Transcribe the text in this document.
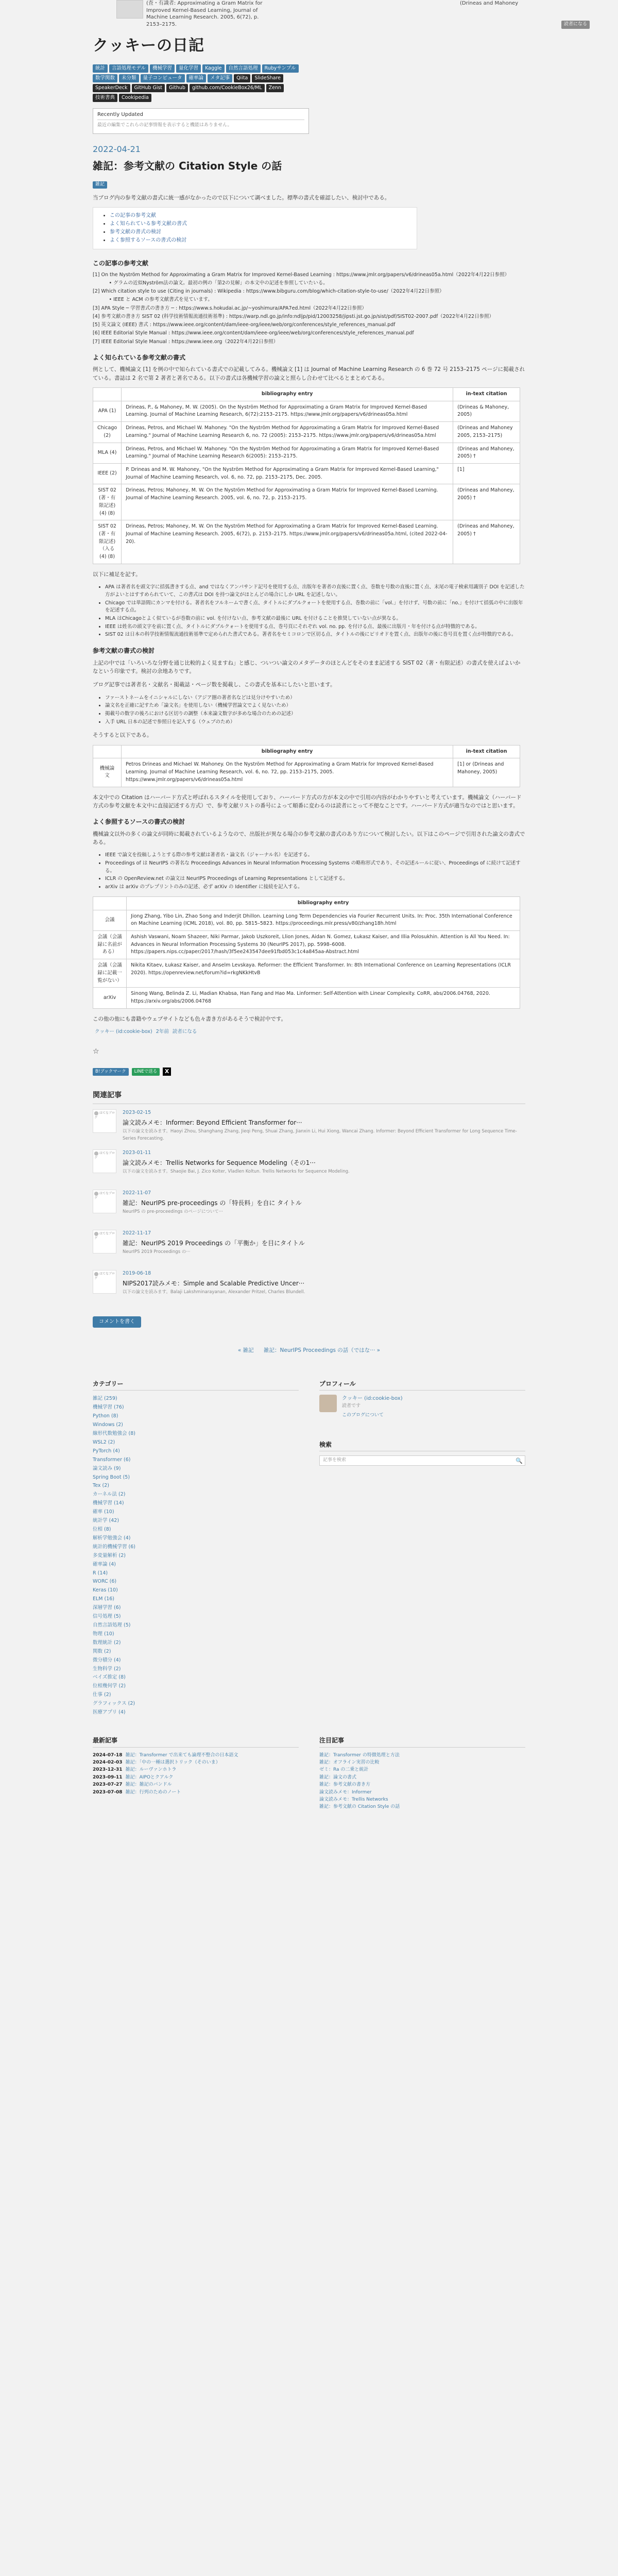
(査・有識者: Approximating a Gram Matrix for Improved Kernel-Based Learning, Journal of Machine Learning Research. 2005, 6(72), p. 2153–2175.
(Drineas and Mahoney
読者になる
クッキーの日記
統計	言語処理モデル	機械学習	量化学習	Kaggle	自然言語処理	Rubyサンプル
数学関数	未分類	量子コンピュータ	確率論	メタ記事	Qiita	SlideShare
SpeakerDeck	GitHub Gist	Github	github.com/CookieBox26/ML	Zenn
技術書典	Cookipedia
Recently Updated
最近の編集でこれらの記事情報を表示すると機能はありません。
2022-04-21
雑記：参考文献の Citation Style の話
雑記
当ブログ内の参考文献の書式に統一感がなかったので以下について調べました。標準の書式を確認したい、検討中である。
• この記事の参考文献
• よく知られている参考文献の書式
• 参考文献の書式の検討
• よく参照するソースの書式の検討
この記事の参考文献
[1] On the Nyström Method for Approximating a Gram Matrix for Improved Kernel-Based Learning : https://www.jmlr.org/papers/v6/drineas05a.html（2022年4月22日参照）
　• グラムの近似Nyström法の論文。最初の例の「第2の見解」の本文中の記述を参照していたいる。
[2] Which citation style to use (Citing in journals) : Wikipedia : https://www.bibguru.com/blog/which-citation-style-to-use/（2022年4月22日参照）
　• IEEE と ACM の参考文献書式を見ています。
[3] APA Style ─ 学習書式の書き方 ─ : https://www.s.hokudai.ac.jp/~yoshimura/APA7ed.html（2022年4月22日参照）
[4] 参考文献の書き方 SIST 02 (科学技術情報流通技術基準) : https://warp.ndl.go.jp/info:ndljp/pid/12003258/jipsti.jst.go.jp/sist/pdf/SIST02-2007.pdf（2022年4月22日参照）
[5] 英文論文 (IEEE) 書式 : https://www.ieee.org/content/dam/ieee-org/ieee/web/org/conferences/style_references_manual.pdf
[6] IEEE Editorial Style Manual : https://www.ieee.org/content/dam/ieee-org/ieee/web/org/conferences/style_references_manual.pdf
[7] IEEE Editorial Style Manual : https://www.ieee.org（2022年4月22日参照）
よく知られている参考文献の書式
例として、機械論文 [1] を例の中で知られている書式での記載してみる。機械論文 [1] は Journal of Machine Learning Research の 6 巻 72 号 2153–2175 ページに掲載されている。書誌は 2 名で第 2 著者と著名である。以下の書式は各機械学習の論文と照らし合わせて比べるとまとめてある。
	bibliography entry	in-text citation
APA (1)	Drineas, P., & Mahoney, M. W. (2005). On the Nyström Method for Approximating a Gram Matrix for Improved Kernel-Based Learning. Journal of Machine Learning Research, 6(72):2153–2175. https://www.jmlr.org/papers/v6/drineas05a.html	(Drineas & Mahoney, 2005)
Chicago (2)	Drineas, Petros, and Michael W. Mahoney. "On the Nyström Method for Approximating a Gram Matrix for Improved Kernel-Based Learning." Journal of Machine Learning Research 6, no. 72 (2005): 2153–2175. https://www.jmlr.org/papers/v6/drineas05a.html	(Drineas and Mahoney 2005, 2153–2175)
MLA (4)	Drineas, Petros, and Michael W. Mahoney. "On the Nyström Method for Approximating a Gram Matrix for Improved Kernel-Based Learning." Journal of Machine Learning Research 6(2005): 2153–2175.	(Drineas and Mahoney, 2005) †
IEEE (2)	P. Drineas and M. W. Mahoney, "On the Nyström Method for Approximating a Gram Matrix for Improved Kernel-Based Learning," Journal of Machine Learning Research, vol. 6, no. 72, pp. 2153–2175, Dec. 2005.	[1]
SIST 02 (著・有限記述) (4) (8)	Drineas, Petros; Mahoney, M. W. On the Nyström Method for Approximating a Gram Matrix for Improved Kernel-Based Learning. Journal of Machine Learning Research. 2005, vol. 6, no. 72, p. 2153–2175.	(Drineas and Mahoney, 2005) †
SIST 02 (著・有限記述)（入る (4) (8)	Drineas, Petros; Mahoney, M. W. On the Nyström Method for Approximating a Gram Matrix for Improved Kernel-Based Learning. Journal of Machine Learning Research. 2005, 6(72), p. 2153–2175. https://www.jmlr.org/papers/v6/drineas05a.html, (cited 2022-04-20).	(Drineas and Mahoney, 2005) †
以下に補足を記す。
• APA は著者名を頭文字に括弧書きする点、and ではなくアンパサンド記号を使用する点、出版年を著者の直後に置く点、巻数を号数の直後に置く点、末尾の電子検索用識別子 DOI を記述した方がよいとはすすめられていて、この書式は DOI を持つ論文がほとんどの場合にしか URL を記述しない。
• Chicago では単語間にカンマを付ける。著者名をフルネームで書く点、タイトルにダブルクォートを使用する点、巻数の前に「vol.」を付けず、号数の前に「no.」を付けて括弧の中に出版年を記述する点。
• MLA はChicagoとよく似ているが巻数の前に vol. を付けない点、参考文献の最後に URL を付けることを推奨していない点が異なる。
• IEEE は姓名の頭文字を前に置く点、タイトルにダブルクォートを使用する点、巻号頁にそれぞれ vol. no. pp. を付ける点、最後に出版月・年を付ける点が特徴的である。
• SIST 02 は日本の科学技術情報流通技術基準で定められた書式である。著者名をセミコロンで区切る点、タイトルの後にピリオドを置く点、出版年の後に巻号頁を置く点が特徴的である。
参考文献の書式の検討
上記の中では「いろいろな分野を通じ比較的よく見ますね」と感じ、ついつい論文のメタデータのほとんどをそのまま記述する SIST 02（著・有限記述）の書式を使えばよいかなという印象です。検討の余地ありです。
ブログ記事では著者名・文献名・掲載誌・ページ数を掲載し、この書式を基本にしたいと思います。
• ファーストネームをイニシャルにしない（アジア圏の著者名などは見分けやすいため）
• 論文名を正確に記すため「論文名」を使用しない（機械学習論文でよく見ないため）
• 掲載号の数字の後ろにおける区切りの調整（本来論文数字が多めな場合のための記述）
• 入手 URL 日本の記述で参照日を記入する（ウェブのため）
そうすると以下である。
	bibliography entry	in-text citation
機械論文	Petros Drineas and Michael W. Mahoney. On the Nyström Method for Approximating a Gram Matrix for Improved Kernel-Based Learning. Journal of Machine Learning Research, vol. 6, no. 72, pp. 2153–2175, 2005. https://www.jmlr.org/papers/v6/drineas05a.html	[1] or (Drineas and Mahoney, 2005)
本文中での Citation はハーバード方式と呼ばれるスタイルを使用しており、ハーバード方式の方が本文の中で引用の内容がわかりやすいと考えています。機械論文（ハーバード方式の参考文献を本文中に直接記述する方式）で、参考文献リストの番号によって順番に変わるのは読者にとって不便なことです。ハーバード方式が適当なのではと思います。
よく参照するソースの書式の検討
機械論文以外の多くの論文が同時に掲載されているようなので、出版社が異なる場合の参考文献の書式のあり方について検討したい。以下はこのページで引用された論文の書式である。
• IEEE で論文を投稿しようとする際の参考文献は著者名・論文名（ジャーナル名）を記述する。
• Proceedings of は NeurIPS の著名な Proceedings Advances in Neural Information Processing Systems の略称形式であり、その記述ルールに従い、Proceedings of に続けて記述する。
• ICLR の OpenReview.net の論文は NeurIPS Proceedings of Learning Representations として記述する。
• arXiv は arXiv のプレプリントのみの記述、必ず arXiv の Identifier に接続を記入する。
	bibliography entry
会議	Jiong Zhang, Yibo Lin, Zhao Song and Inderjit Dhillon. Learning Long Term Dependencies via Fourier Recurrent Units. In: Proc. 35th International Conference on Machine Learning (ICML 2018), vol. 80, pp. 5815–5823. https://proceedings.mlr.press/v80/zhang18h.html
会議（会議録に名前がある）	Ashish Vaswani, Noam Shazeer, Niki Parmar, Jakob Uszkoreit, Llion Jones, Aidan N. Gomez, Łukasz Kaiser, and Illia Polosukhin. Attention is All You Need. In: Advances in Neural Information Processing Systems 30 (NeurIPS 2017), pp. 5998–6008. https://papers.nips.cc/paper/2017/hash/3f5ee243547dee91fbd053c1c4a845aa-Abstract.html
会議（会議録に記載一覧がない）	Nikita Kitaev, Łukasz Kaiser, and Anselm Levskaya. Reformer: the Efficient Transformer. In: 8th International Conference on Learning Representations (ICLR 2020). https://openreview.net/forum?id=rkgNKkHtvB
arXiv	Sinong Wang, Belinda Z. Li, Madian Khabsa, Han Fang and Hao Ma. Linformer: Self-Attention with Linear Complexity. CoRR, abs/2006.04768, 2020. https://arxiv.org/abs/2006.04768
この他の他にも書籍やウェブサイトなども色々書き方があるそうで検討中です。
クッキー (id:cookie-box) 2年前 読者になる
☆
B!ブックマーク	LINEで送る	X
関連記事
はてなブログ
2023-02-15
論文読みメモ：Informer: Beyond Efficient Transformer for···
以下の論文を読みます。Haoyi Zhou, Shanghang Zhang, Jieqi Peng, Shuai Zhang, Jianxin Li, Hui Xiong, Wancai Zhang. Informer: Beyond Efficient Transformer for Long Sequence Time-Series Forecasting.
はてなブログ
2023-01-11
論文読みメモ：Trellis Networks for Sequence Modeling（その1···
以下の論文を読みます。Shaojie Bai, J. Zico Kolter, Vladlen Koltun. Trellis Networks for Sequence Modeling.
はてなブログ
2022-11-07
雑記：NeurIPS pre-proceedings の「特長料」を自に タイトル
NeurIPS の pre-proceedings のページについて···
はてなブログ
2022-11-17
雑記：NeurIPS 2019 Proceedings の「平衡か」を目にタイトル
NeurIPS 2019 Proceedings の···
はてなブログ
2019-06-18
NIPS2017読みメモ：Simple and Scalable Predictive Uncer···
以下の論文を読みます。Balaji Lakshminarayanan, Alexander Pritzel, Charles Blundell.
コメントを書く
« 雑記 雑記：NeurIPS Proceedings の話（ではな··· »
カテゴリー
雑記 (259)
機械学習 (76)
Python (8)
Windows (2)
線形代数勉強会 (8)
WSL2 (2)
PyTorch (4)
Transformer (6)
論文読み (9)
Spring Boot (5)
Tex (2)
カーネル法 (2)
機械学習 (14)
確率 (10)
統計学 (42)
位相 (8)
解析学勉強会 (4)
統計的機械学習 (6)
多変量解析 (2)
確率論 (4)
R (14)
WORC (6)
Keras (10)
ELM (16)
深層学習 (6)
信号処理 (5)
自然言語処理 (5)
物理 (10)
数理統計 (2)
関数 (2)
微分積分 (4)
生物科学 (2)
ベイズ推定 (8)
位相幾何学 (2)
仕事 (2)
グラフィックス (2)
医療アプリ (4)
プロフィール
クッキー (id:cookie-box)
読者です
このブログについて
検索
記事を検索	🔍
最新記事
2024-07-18 雑記：Transformer で出来ても論理不整合の日本語文
2024-02-03 雑記：「中の一種は選択トリック（そのいま）
2023-12-31 雑記：ルーヴァンホトラ
2023-09-11 雑記：AIPOとクアルク
2023-07-27 雑記：雑記のバンドル
2023-07-08 雑記：行列のためのノート
注目記事
雑記：Transformer の特徴処理と方法
雑記：オフライン実習の比較
ゼミ：Ra の二乗と統計
雑記：論文の書式
雑記：参考文献の書き方
論文読みメモ：Informer
論文読みメモ：Trellis Networks
雑記：参考文献の Citation Style の話
